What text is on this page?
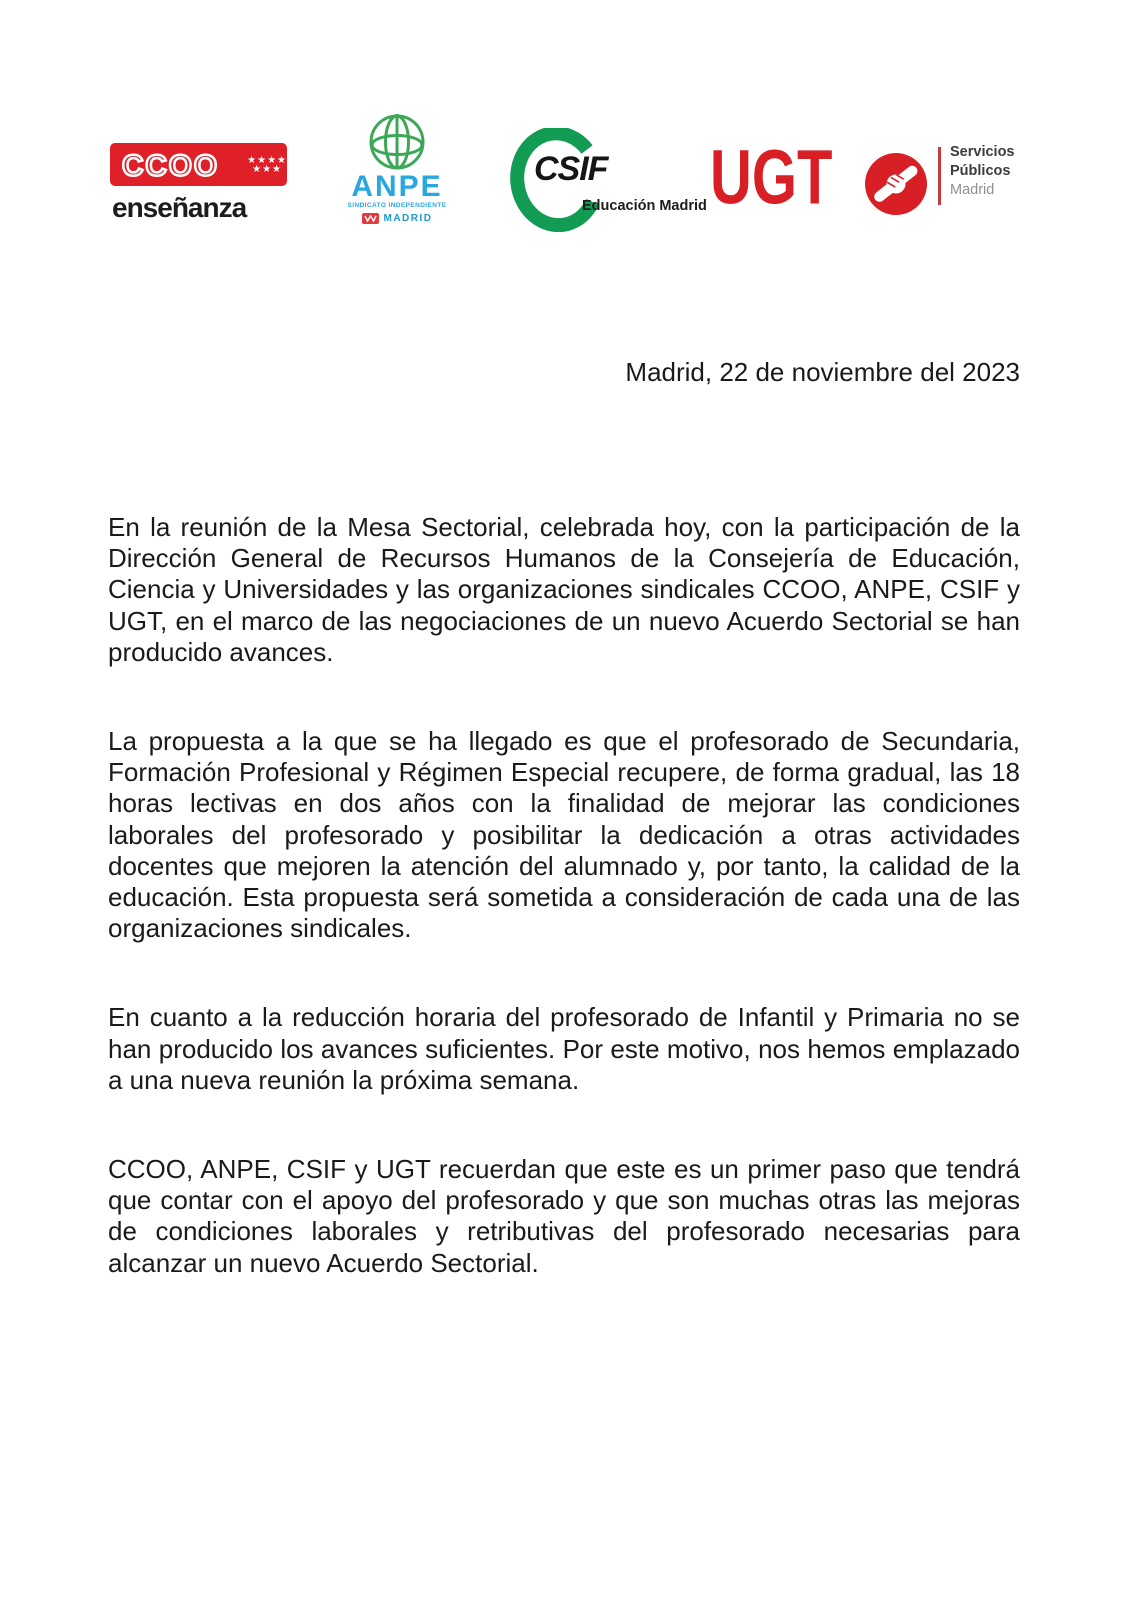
CCOO	★★★★
★★★
enseñanza
ANPE
SINDICATO INDEPENDIENTE
MADRID
CSIF
Educación Madrid UGT	Servicios
Públicos
Madrid
Madrid, 22 de noviembre del 2023

En la reunión de la Mesa Sectorial, celebrada hoy, con la participación de la Dirección General de Recursos Humanos de la Consejería de Educación, Ciencia y Universidades y las organizaciones sindicales CCOO, ANPE, CSIF y UGT, en el marco de las negociaciones de un nuevo Acuerdo Sectorial se han producido avances.

La propuesta a la que se ha llegado es que el profesorado de Secundaria, Formación Profesional y Régimen Especial recupere, de forma gradual, las 18 horas lectivas en dos años con la finalidad de mejorar las condiciones laborales del profesorado y posibilitar la dedicación a otras actividades docentes que mejoren la atención del alumnado y, por tanto, la calidad de la educación. Esta propuesta será sometida a consideración de cada una de las organizaciones sindicales.

En cuanto a la reducción horaria del profesorado de Infantil y Primaria no se han producido los avances suficientes. Por este motivo, nos hemos emplazado a una nueva reunión la próxima semana.

CCOO, ANPE, CSIF y UGT recuerdan que este es un primer paso que tendrá que contar con el apoyo del profesorado y que son muchas otras las mejoras de condiciones laborales y retributivas del profesorado necesarias para alcanzar un nuevo Acuerdo Sectorial.
